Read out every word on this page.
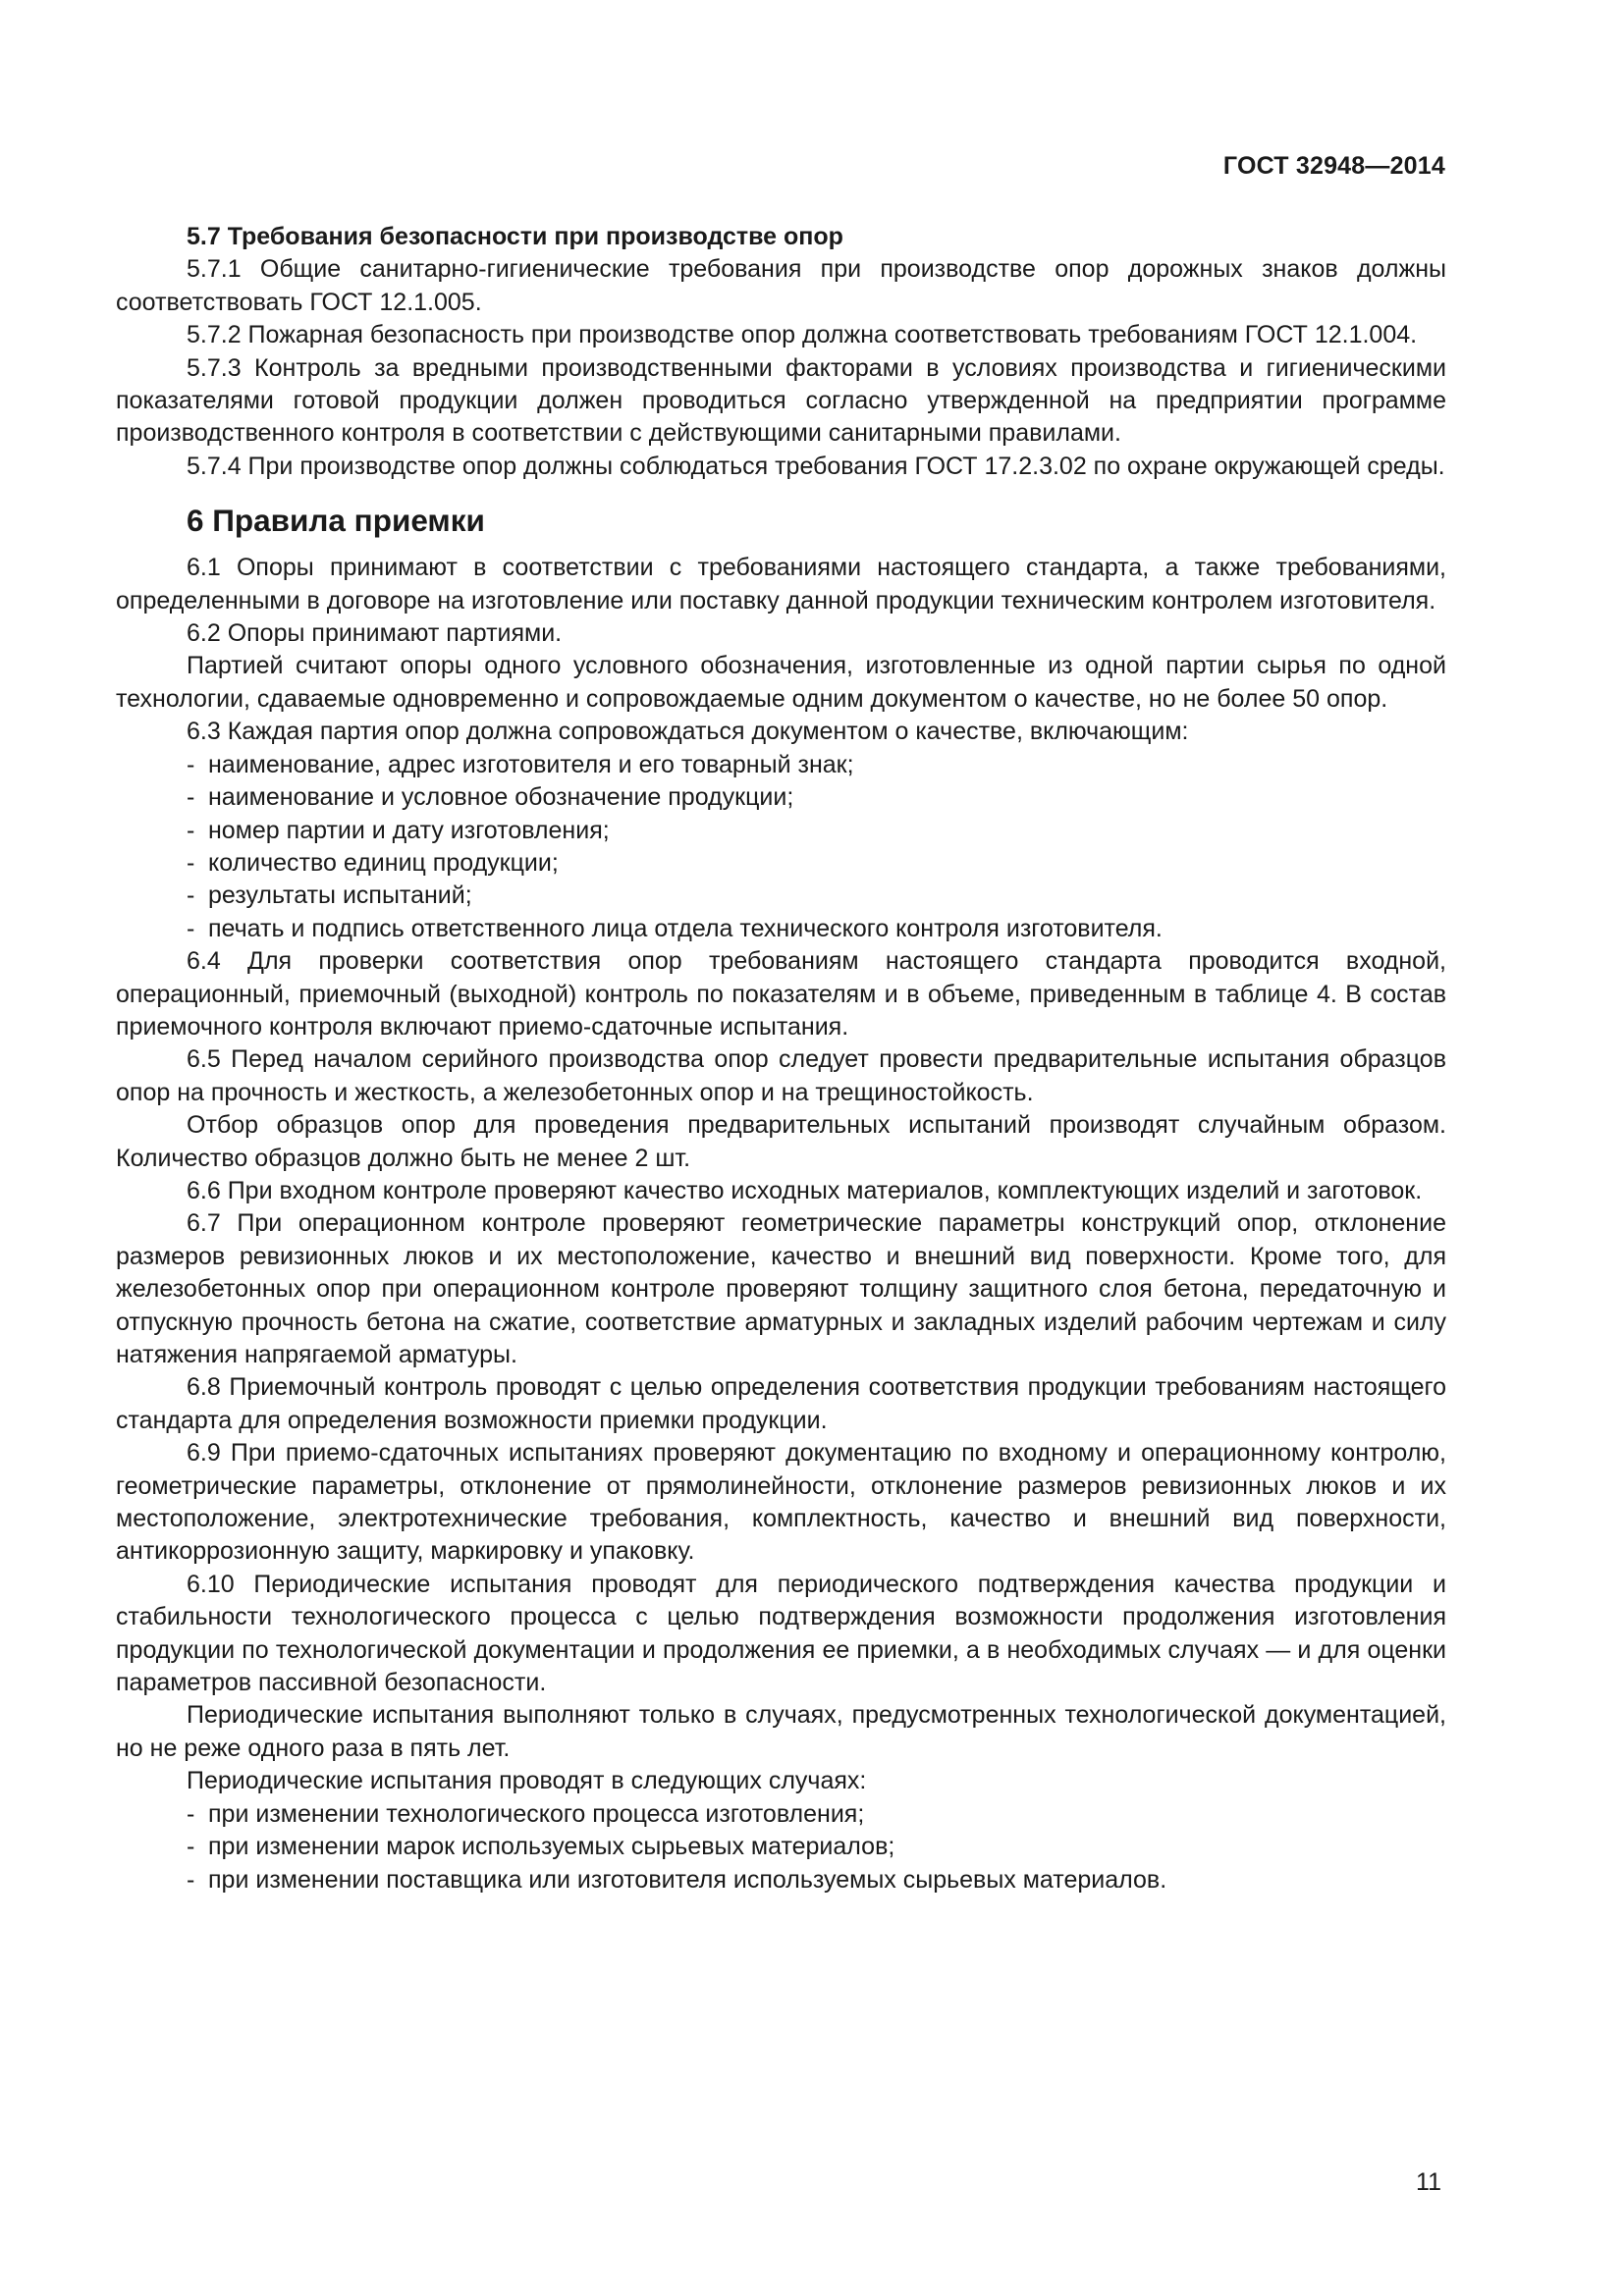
ГОСТ 32948—2014
5.7 Требования безопасности при производстве опор

5.7.1 Общие санитарно-гигиенические требования при производстве опор дорожных знаков должны соответствовать ГОСТ 12.1.005.

5.7.2 Пожарная безопасность при производстве опор должна соответствовать требованиям ГОСТ 12.1.004.

5.7.3 Контроль за вредными производственными факторами в условиях производства и гигиеническими показателями готовой продукции должен проводиться согласно утвержденной на предприятии программе производственного контроля в соответствии с действующими санитарными правилами.

5.7.4 При производстве опор должны соблюдаться требования ГОСТ 17.2.3.02 по охране окружающей среды.

6 Правила приемки

6.1 Опоры принимают в соответствии с требованиями настоящего стандарта, а также требованиями, определенными в договоре на изготовление или поставку данной продукции техническим контролем изготовителя.

6.2 Опоры принимают партиями.

Партией считают опоры одного условного обозначения, изготовленные из одной партии сырья по одной технологии, сдаваемые одновременно и сопровождаемые одним документом о качестве, но не более 50 опор.

6.3 Каждая партия опор должна сопровождаться документом о качестве, включающим:

- наименование, адрес изготовителя и его товарный знак;
- наименование и условное обозначение продукции;
- номер партии и дату изготовления;
- количество единиц продукции;
- результаты испытаний;
- печать и подпись ответственного лица отдела технического контроля изготовителя.

6.4 Для проверки соответствия опор требованиям настоящего стандарта проводится входной, операционный, приемочный (выходной) контроль по показателям и в объеме, приведенным в таблице 4. В состав приемочного контроля включают приемо-сдаточные испытания.

6.5 Перед началом серийного производства опор следует провести предварительные испытания образцов опор на прочность и жесткость, а железобетонных опор и на трещиностойкость.

Отбор образцов опор для проведения предварительных испытаний производят случайным образом. Количество образцов должно быть не менее 2 шт.

6.6 При входном контроле проверяют качество исходных материалов, комплектующих изделий и заготовок.

6.7 При операционном контроле проверяют геометрические параметры конструкций опор, отклонение размеров ревизионных люков и их местоположение, качество и внешний вид поверхности. Кроме того, для железобетонных опор при операционном контроле проверяют толщину защитного слоя бетона, передаточную и отпускную прочность бетона на сжатие, соответствие арматурных и закладных изделий рабочим чертежам и силу натяжения напрягаемой арматуры.

6.8 Приемочный контроль проводят с целью определения соответствия продукции требованиям настоящего стандарта для определения возможности приемки продукции.

6.9 При приемо-сдаточных испытаниях проверяют документацию по входному и операционному контролю, геометрические параметры, отклонение от прямолинейности, отклонение размеров ревизионных люков и их местоположение, электротехнические требования, комплектность, качество и внешний вид поверхности, антикоррозионную защиту, маркировку и упаковку.

6.10 Периодические испытания проводят для периодического подтверждения качества продукции и стабильности технологического процесса с целью подтверждения возможности продолжения изготовления продукции по технологической документации и продолжения ее приемки, а в необходимых случаях — и для оценки параметров пассивной безопасности.

Периодические испытания выполняют только в случаях, предусмотренных технологической документацией, но не реже одного раза в пять лет.

Периодические испытания проводят в следующих случаях:

- при изменении технологического процесса изготовления;
- при изменении марок используемых сырьевых материалов;
- при изменении поставщика или изготовителя используемых сырьевых материалов.
11
